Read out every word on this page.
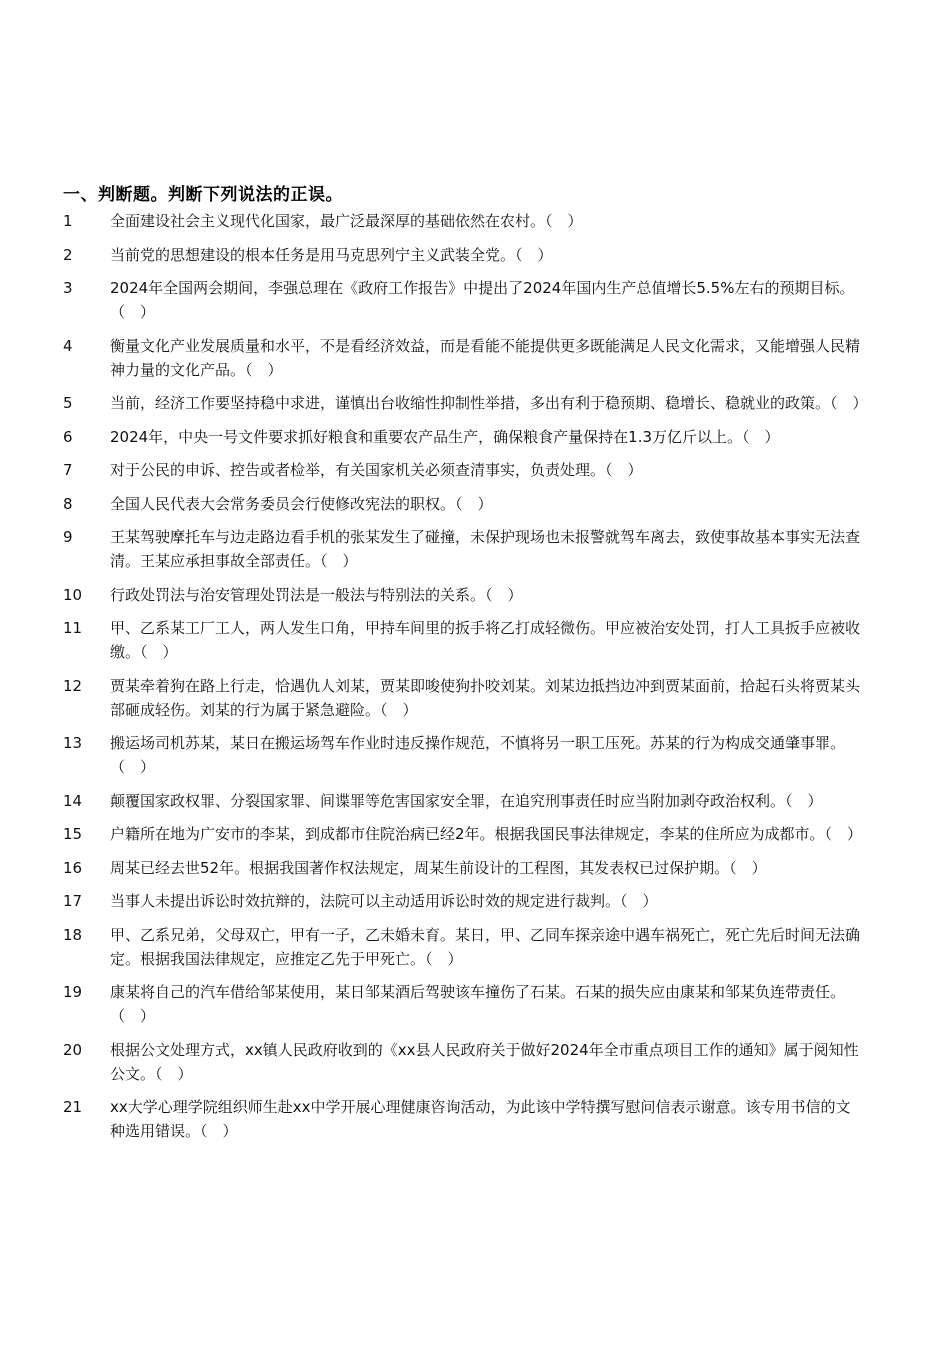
一、判断题。判断下列说法的正误。
1	全面建设社会主义现代化国家，最广泛最深厚的基础依然在农村。（　）
2	当前党的思想建设的根本任务是用马克思列宁主义武装全党。（　）
3	2024年全国两会期间，李强总理在《政府工作报告》中提出了2024年国内生产总值增长5.5%左右的预期目标。（　）
4	衡量文化产业发展质量和水平，不是看经济效益，而是看能不能提供更多既能满足人民文化需求，又能增强人民精神力量的文化产品。（　）
5	当前，经济工作要坚持稳中求进，谨慎出台收缩性抑制性举措，多出有利于稳预期、稳增长、稳就业的政策。（　）
6	2024年，中央一号文件要求抓好粮食和重要农产品生产，确保粮食产量保持在1.3万亿斤以上。（　）
7	对于公民的申诉、控告或者检举，有关国家机关必须查清事实，负责处理。（　）
8	全国人民代表大会常务委员会行使修改宪法的职权。（　）
9	王某驾驶摩托车与边走路边看手机的张某发生了碰撞，未保护现场也未报警就驾车离去，致使事故基本事实无法查清。王某应承担事故全部责任。（　）
10	行政处罚法与治安管理处罚法是一般法与特别法的关系。（　）
11	甲、乙系某工厂工人，两人发生口角，甲持车间里的扳手将乙打成轻微伤。甲应被治安处罚，打人工具扳手应被收缴。（　）
12	贾某牵着狗在路上行走，恰遇仇人刘某，贾某即唆使狗扑咬刘某。刘某边抵挡边冲到贾某面前，拾起石头将贾某头部砸成轻伤。刘某的行为属于紧急避险。（　）
13	搬运场司机苏某，某日在搬运场驾车作业时违反操作规范，不慎将另一职工压死。苏某的行为构成交通肇事罪。（　）
14	颠覆国家政权罪、分裂国家罪、间谍罪等危害国家安全罪，在追究刑事责任时应当附加剥夺政治权利。（　）
15	户籍所在地为广安市的李某，到成都市住院治病已经2年。根据我国民事法律规定，李某的住所应为成都市。（　）
16	周某已经去世52年。根据我国著作权法规定，周某生前设计的工程图，其发表权已过保护期。（　）
17	当事人未提出诉讼时效抗辩的，法院可以主动适用诉讼时效的规定进行裁判。（　）
18	甲、乙系兄弟，父母双亡，甲有一子，乙未婚未育。某日，甲、乙同车探亲途中遇车祸死亡，死亡先后时间无法确定。根据我国法律规定，应推定乙先于甲死亡。（　）
19	康某将自己的汽车借给邹某使用，某日邹某酒后驾驶该车撞伤了石某。石某的损失应由康某和邹某负连带责任。（　）
20	根据公文处理方式，xx镇人民政府收到的《xx县人民政府关于做好2024年全市重点项目工作的通知》属于阅知性公文。（　）
21	xx大学心理学院组织师生赴xx中学开展心理健康咨询活动，为此该中学特撰写慰问信表示谢意。该专用书信的文种选用错误。（　）
